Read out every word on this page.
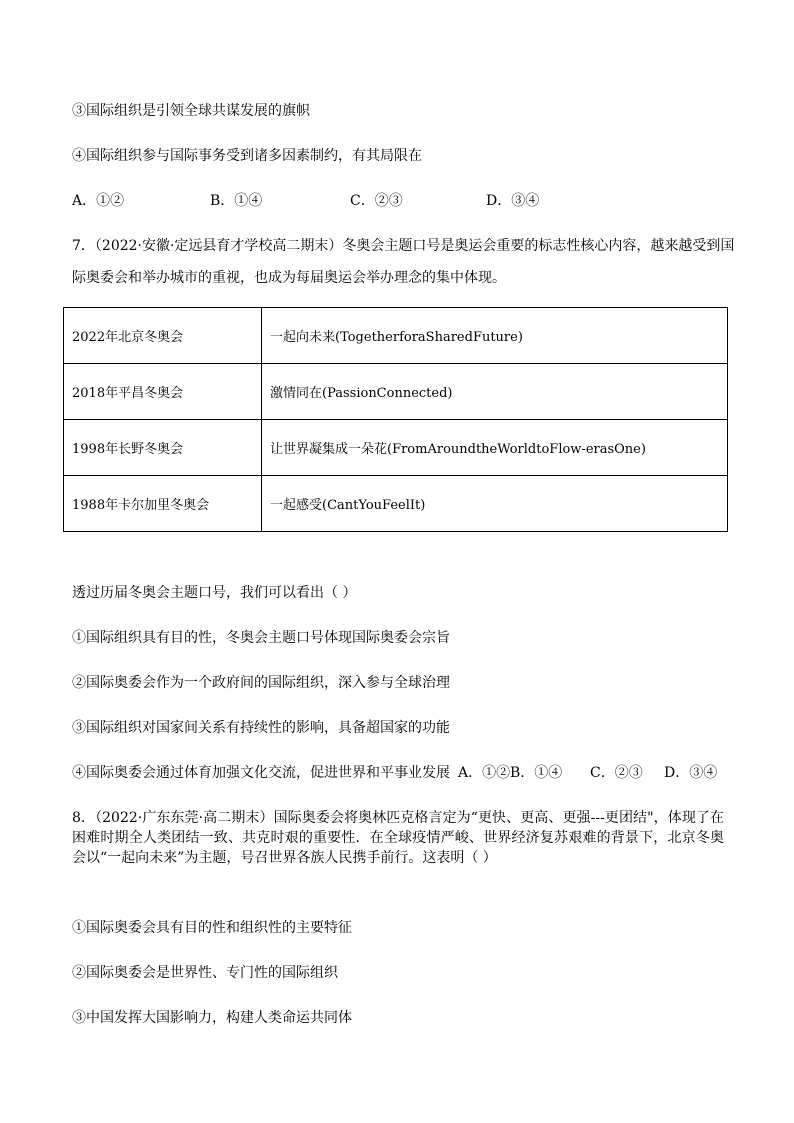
③国际组织是引领全球共谋发展的旗帜
④国际组织参与国际事务受到诸多因素制约，有其局限在
A．①②	B．①④	C．②③	D．③④
7．（2022·安徽·定远县育才学校高二期末）冬奥会主题口号是奥运会重要的标志性核心内容，越来越受到国
际奥委会和举办城市的重视，也成为每届奥运会举办理念的集中体现。
2022年北京冬奥会	一起向未来(TogetherforaSharedFuture)
2018年平昌冬奥会	激情同在(PassionConnected)
1998年长野冬奥会	让世界凝集成一朵花(FromAroundtheWorldtoFlow-erasOne)
1988年卡尔加里冬奥会	一起感受(CantYouFeelIt)
透过历届冬奥会主题口号，我们可以看出（ ）
①国际组织具有目的性，冬奥会主题口号体现国际奥委会宗旨
②国际奥委会作为一个政府间的国际组织，深入参与全球治理
③国际组织对国家间关系有持续性的影响，具备超国家的功能
④国际奥委会通过体育加强文化交流，促进世界和平事业发展 A．①② B．①④ C．②③ D．③④

8．（2022·广东东莞·高二期末）国际奥委会将奥林匹克格言定为“更快、更高、更强---更团结"，体现了在困难时期全人类团结一致、共克时艰的重要性．在全球疫情严峻、世界经济复苏艰难的背景下，北京冬奥会以“一起向未来”为主题，号召世界各族人民携手前行。这表明（ ）

①国际奥委会具有目的性和组织性的主要特征
②国际奥委会是世界性、专门性的国际组织
③中国发挥大国影响力，构建人类命运共同体
